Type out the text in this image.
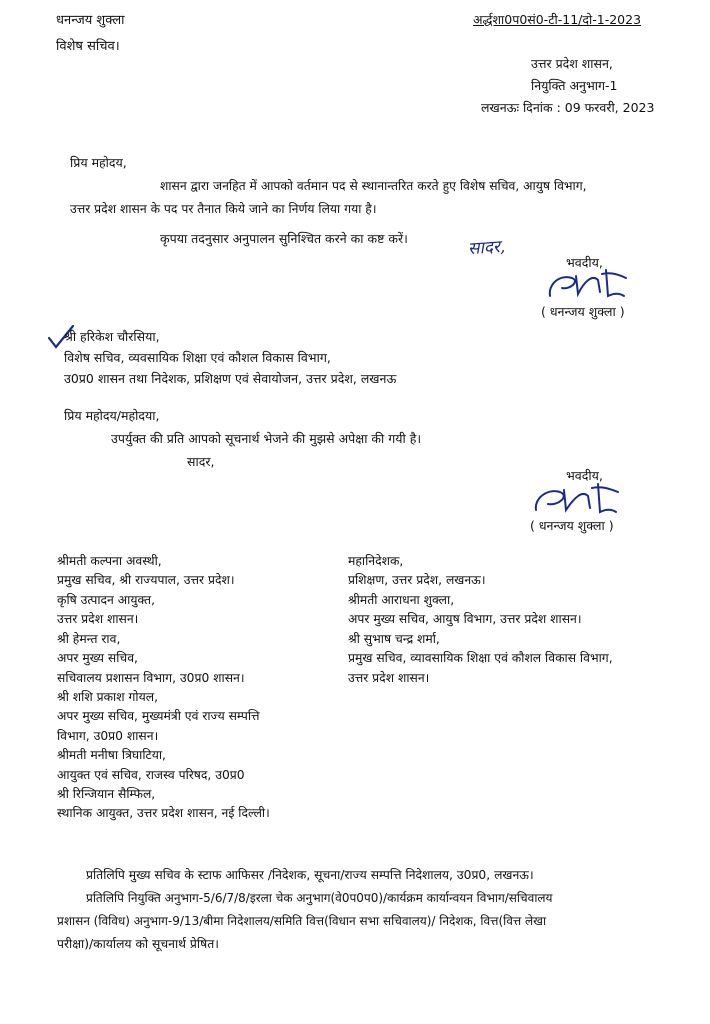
धनन्जय शुक्ला
विशेष सचिव।
अर्द्धशा0प0सं0-टी-11/दो-1-2023
उत्तर प्रदेश शासन,
नियुक्ति अनुभाग-1
लखनऊः दिनांक : 09 फरवरी, 2023
प्रिय महोदय,
शासन द्वारा जनहित में आपको वर्तमान पद से स्थानान्तरित करते हुए विशेष सचिव, आयुष विभाग,
उत्तर प्रदेश शासन के पद पर तैनात किये जाने का निर्णय लिया गया है।
कृपया तदनुसार अनुपालन सुनिश्चित करने का कष्ट करें।	सादर,
भवदीय,
( धनन्जय शुक्ला )
श्री हरिकेश चौरसिया,
विशेष सचिव, व्यवसायिक शिक्षा एवं कौशल विकास विभाग,
उ0प्र0 शासन तथा निदेशक, प्रशिक्षण एवं सेवायोजन, उत्तर प्रदेश, लखनऊ
प्रिय महोदय/महोदया,
उपर्युक्त की प्रति आपको सूचनार्थ भेजने की मुझसे अपेक्षा की गयी है।
सादर,
भवदीय,
( धनन्जय शुक्ला )
श्रीमती कल्पना अवस्थी,
प्रमुख सचिव, श्री राज्यपाल, उत्तर प्रदेश।
कृषि उत्पादन आयुक्त,
उत्तर प्रदेश शासन।
श्री हेमन्त राव,
अपर मुख्य सचिव,
सचिवालय प्रशासन विभाग, उ0प्र0 शासन।
श्री शशि प्रकाश गोयल,
अपर मुख्य सचिव, मुख्यमंत्री एवं राज्य सम्पत्ति
विभाग, उ0प्र0 शासन।
श्रीमती मनीषा त्रिघाटिया,
आयुक्त एवं सचिव, राजस्व परिषद, उ0प्र0
श्री रिन्जियान सैम्फिल,
स्थानिक आयुक्त, उत्तर प्रदेश शासन, नई दिल्ली।
महानिदेशक,
प्रशिक्षण, उत्तर प्रदेश, लखनऊ।
श्रीमती आराधना शुक्ला,
अपर मुख्य सचिव, आयुष विभाग, उत्तर प्रदेश शासन।
श्री सुभाष चन्द्र शर्मा,
प्रमुख सचिव, व्यावसायिक शिक्षा एवं कौशल विकास विभाग,
उत्तर प्रदेश शासन।
प्रतिलिपि मुख्य सचिव के स्टाफ आफिसर /निदेशक, सूचना/राज्य सम्पत्ति निदेशालय, उ0प्र0, लखनऊ।
प्रतिलिपि नियुक्ति अनुभाग-5/6/7/8/इरला चेक अनुभाग(वे0प0प0)/कार्यक्रम कार्यान्वयन विभाग/सचिवालय
प्रशासन (विविध) अनुभाग-9/13/बीमा निदेशालय/समिति वित्त(विधान सभा सचिवालय)/ निदेशक, वित्त(वित्त लेखा
परीक्षा)/कार्यालय को सूचनार्थ प्रेषित।
